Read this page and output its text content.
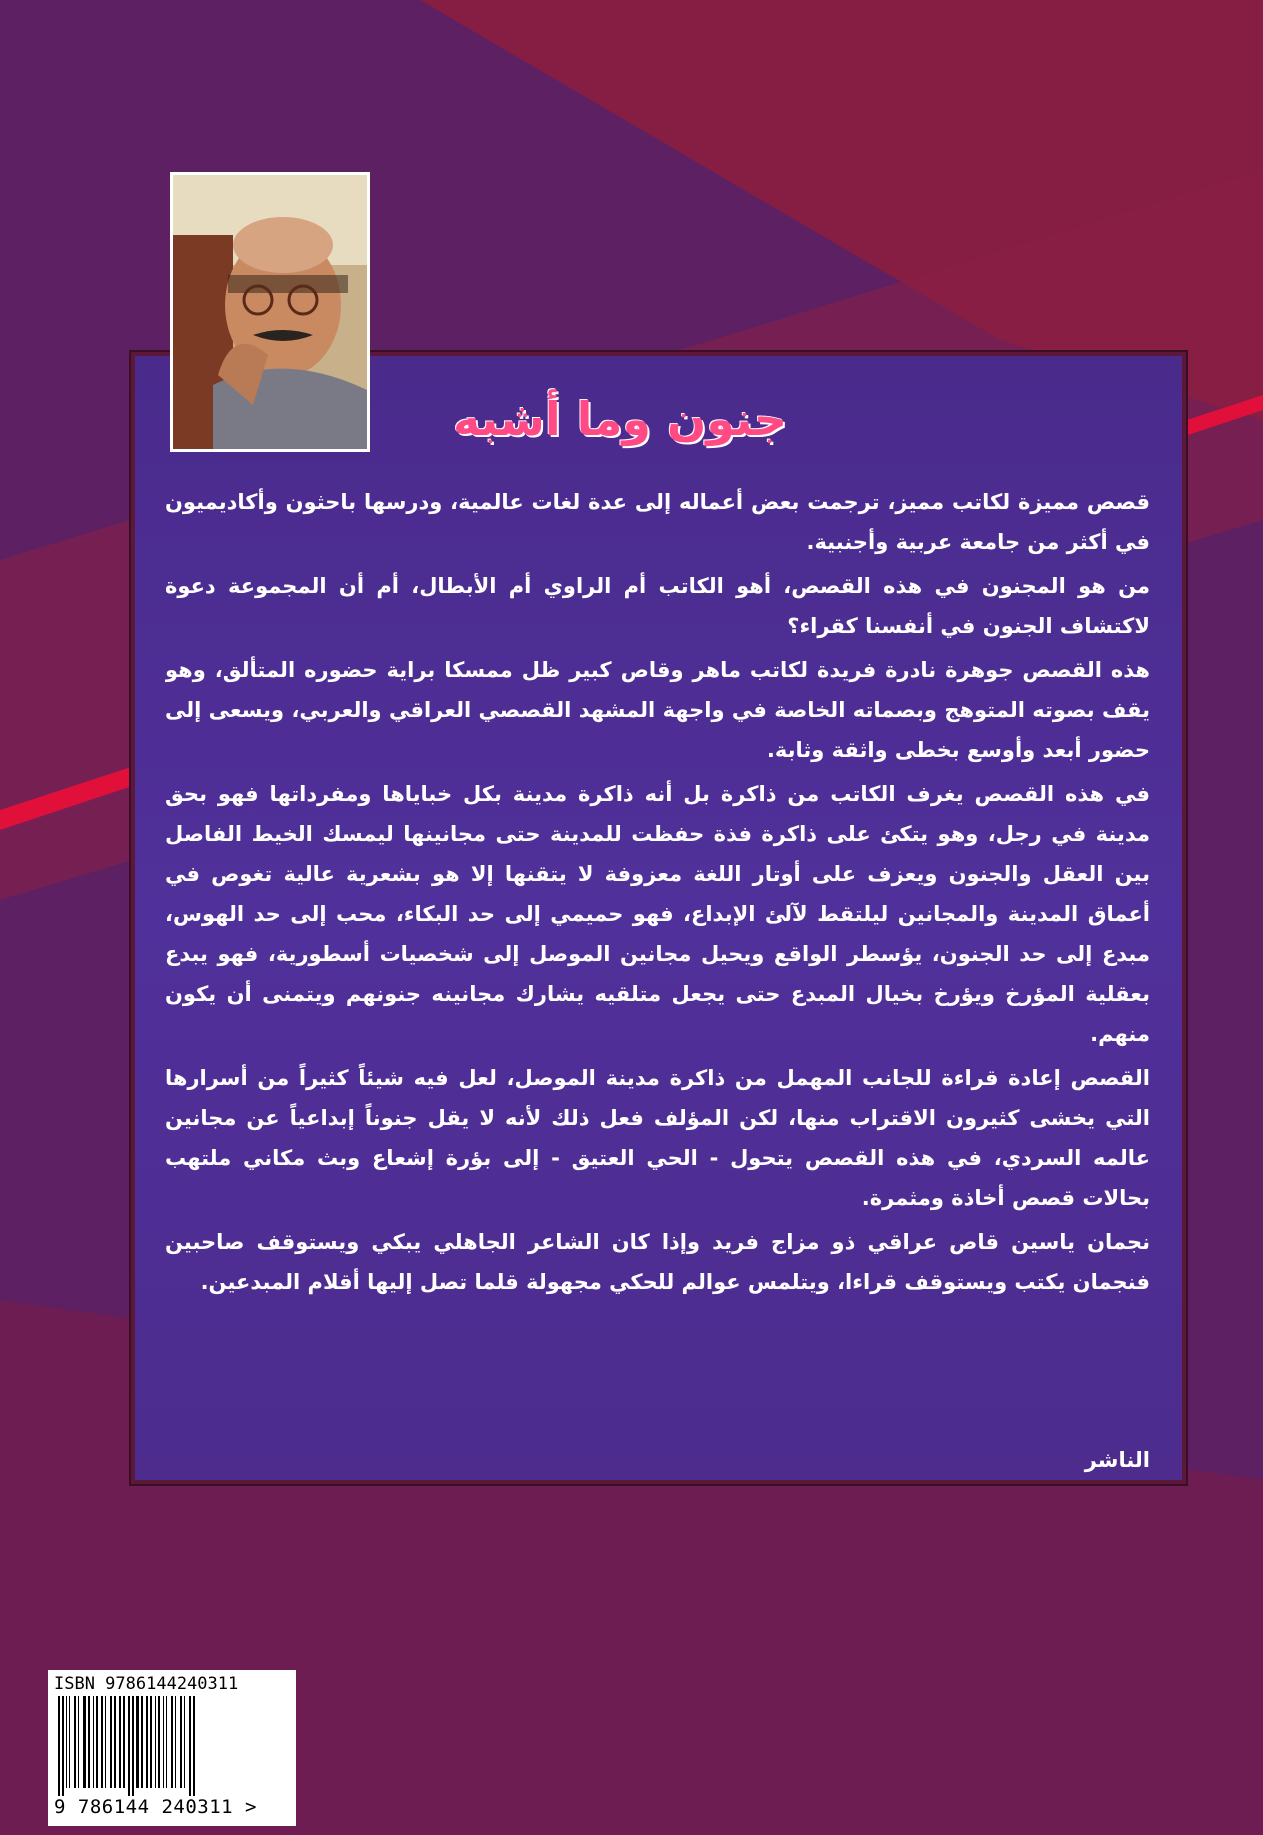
جنون وما أشبه

قصص مميزة لكاتب مميز، ترجمت بعض أعماله إلى عدة لغات عالمية، ودرسها باحثون وأكاديميون في أكثر من جامعة عربية وأجنبية.

من هو المجنون في هذه القصص، أهو الكاتب أم الراوي أم الأبطال، أم أن المجموعة دعوة لاكتشاف الجنون في أنفسنا كقراء؟

هذه القصص جوهرة نادرة فريدة لكاتب ماهر وقاص كبير ظل ممسكا براية حضوره المتألق، وهو يقف بصوته المتوهج وبصماته الخاصة في واجهة المشهد القصصي العراقي والعربي، ويسعى إلى حضور أبعد وأوسع بخطى واثقة وثابة.

في هذه القصص يغرف الكاتب من ذاكرة بل أنه ذاكرة مدينة بكل خباياها ومفرداتها فهو بحق مدينة في رجل، وهو يتكئ على ذاكرة فذة حفظت للمدينة حتى مجانينها ليمسك الخيط الفاصل بين العقل والجنون ويعزف على أوتار اللغة معزوفة لا يتقنها إلا هو بشعرية عالية تغوص في أعماق المدينة والمجانين ليلتقط لآلئ الإبداع، فهو حميمي إلى حد البكاء، محب إلى حد الهوس، مبدع إلى حد الجنون، يؤسطر الواقع ويحيل مجانين الموصل إلى شخصيات أسطورية، فهو يبدع بعقلية المؤرخ ويؤرخ بخيال المبدع حتى يجعل متلقيه يشارك مجانينه جنونهم ويتمنى أن يكون منهم.

القصص إعادة قراءة للجانب المهمل من ذاكرة مدينة الموصل، لعل فيه شيئاً كثيراً من أسرارها التي يخشى كثيرون الاقتراب منها، لكن المؤلف فعل ذلك لأنه لا يقل جنوناً إبداعياً عن مجانين عالمه السردي، في هذه القصص يتحول - الحي العتيق - إلى بؤرة إشعاع وبث مكاني ملتهب بحالات قصص أخاذة ومثمرة.

نجمان ياسين قاص عراقي ذو مزاج فريد وإذا كان الشاعر الجاهلي يبكي ويستوقف صاحبين فنجمان يكتب ويستوقف قراءا، ويتلمس عوالم للحكي مجهولة قلما تصل إليها أقلام المبدعين.

الناشر
ISBN 9786144240311
9 786144 240311 >
